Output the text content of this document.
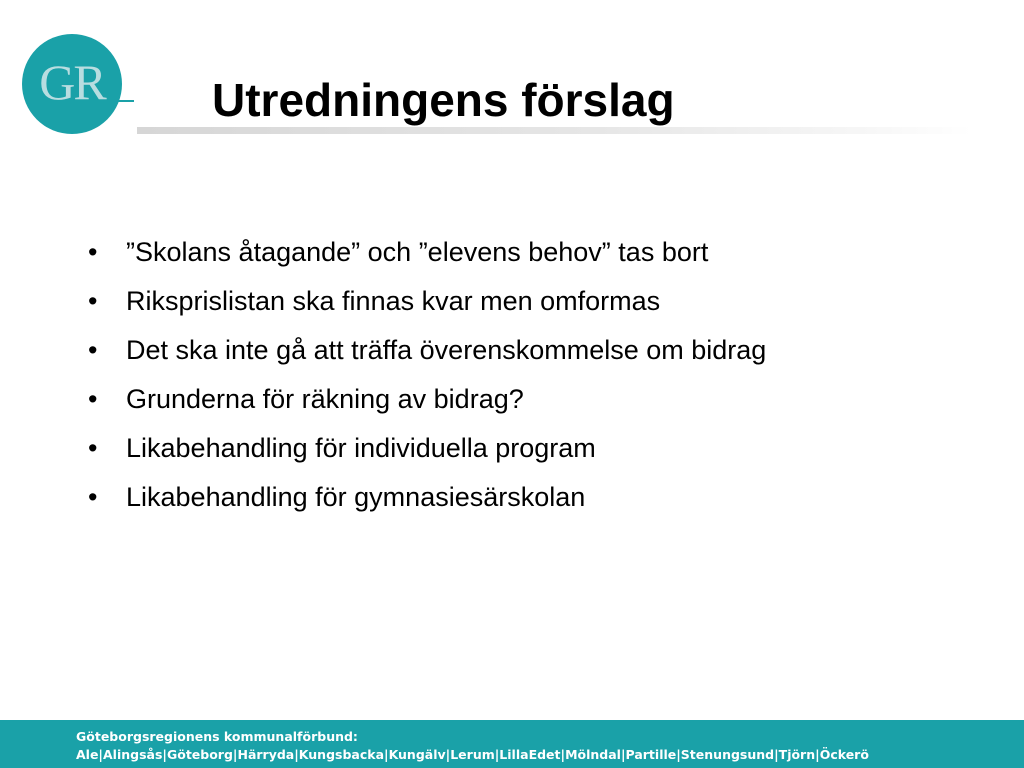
GR Utredningens förslag
• ”Skolans åtagande” och ”elevens behov” tas bort
• Riksprislistan ska finnas kvar men omformas
• Det ska inte gå att träffa överenskommelse om bidrag
• Grunderna för räkning av bidrag?
• Likabehandling för individuella program
• Likabehandling för gymnasiesärskolan
Göteborgsregionens kommunalförbund:
Ale|Alingsås|Göteborg|Härryda|Kungsbacka|Kungälv|Lerum|LillaEdet|Mölndal|Partille|Stenungsund|Tjörn|Öckerö
